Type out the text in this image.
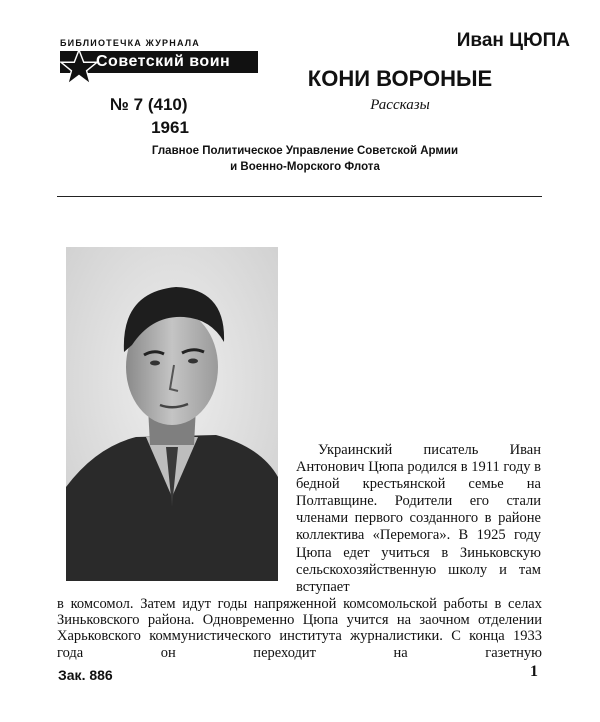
БИБЛИОТЕЧКА ЖУРНАЛА
Советский воин
Иван ЦЮПА
КОНИ ВОРОНЫЕ
Рассказы
№ 7 (410)
1961
Главное Политическое Управление Советской Армии
и Военно-Морского Флота

Украинский писатель Иван Антонович Цюпа родился в 1911 году в бедной крестьянской семье на Полтавщине. Родители его стали членами первого созданного в районе коллектива «Перемога». В 1925 году Цюпа едет учиться в Зиньковскую сельскохозяйственную школу и там вступает

в комсомол. Затем идут годы напряженной комсомольской работы в селах Зиньковского района. Одновременно Цюпа учится на заочном отделении Харьковского коммунистического института журналистики. С конца 1933 года он переходит на газетную
Зак. 886	1
